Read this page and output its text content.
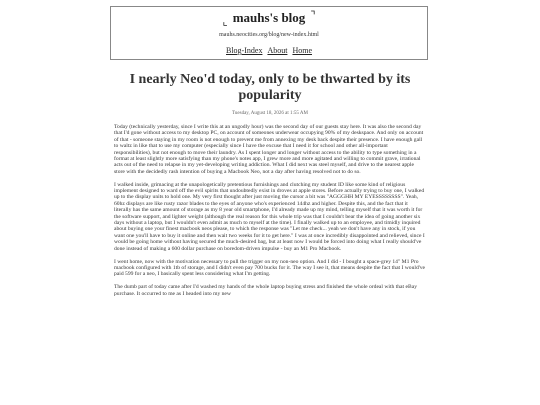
⌞ mauhs's blog ⌝
mauhs.neocities.org/blog/new-index.html
Blog-Index About Home
I nearly Neo'd today, only to be thwarted by its
popularity
Tuesday, August 18, 2026 at 1:55 AM

Today (technically yesterday, since I write this at an ungodly hour) was the second day of our guests stay here. It was also the second day that I'd gone without access to my desktop PC, on account of someones underwear occupying 90% of my deskspace. And only on account of that - someone staying in my room is not enough to prevent me from annexing my desk back despite their presence. I have enough gall to waltz in like that to use my computer (especially since I have the excuse that I need it for school and other all-important responsibilities), but not enough to move their laundry. As I spent longer and longer without access to the ability to type something in a format at least slightly more satisfying than my phone's notes app, I grew more and more agitated and willing to commit grave, irrational acts out of the need to relapse in my yet-developing writing addiction. What I did next was steel myself, and drive to the nearest apple store with the decidedly rash intention of buying a Macbook Neo, not a day after having resolved not to do so.

I walked inside, grimacing at the unapologetically pretentious furnishings and clutching my student ID like some kind of religious implement designed to ward off the evil spirits that undoubtedly exist in droves at apple stores. Before actually trying to buy one, I walked up to the display units to hold one. My very first thought after just moving the cursor a bit was "AGGGHH MY EYESSSSSSSS". Yeah, 60hz displays are like rusty razor blades to the eyes of anyone who's experienced 144hz and higher. Despite this, and the fact that it literally has the same amount of storage as my 8 year old smartphone, I'd already made up my mind, telling myself that it was worth it for the software support, and lighter weight (although the real reason for this whole trip was that I couldn't bear the idea of going another six days without a laptop, but I wouldn't even admit as much to myself at the time). I finally walked up to an employee, and timidly inquired about buying one your finest macbook neos please, to which the response was "Let me check... yeah we don't have any in stock, if you want one you'll have to buy it online and then wait two weeks for it to get here." I was at once incredibly disappointed and relieved, since I would be going home without having secured the much-desired bag, but at least now I would be forced into doing what I really should've done instead of making a 600 dollar purchase on boredom-driven impulse - buy an M1 Pro Macbook.

I went home, now with the motivation necessary to pull the trigger on my non-neo option. And I did - I bought a space-grey 14" M1 Pro macbook configured with 1tb of storage, and I didn't even pay 700 bucks for it. The way I see it, that means despite the fact that I would've paid 599 for a neo, I basically spent less considering what I'm getting.

The dumb part of today came after I'd washed my hands of the whole laptop buying stress and finished the whole ordeal with that eBay purchase. It occurred to me as I headed into my new
